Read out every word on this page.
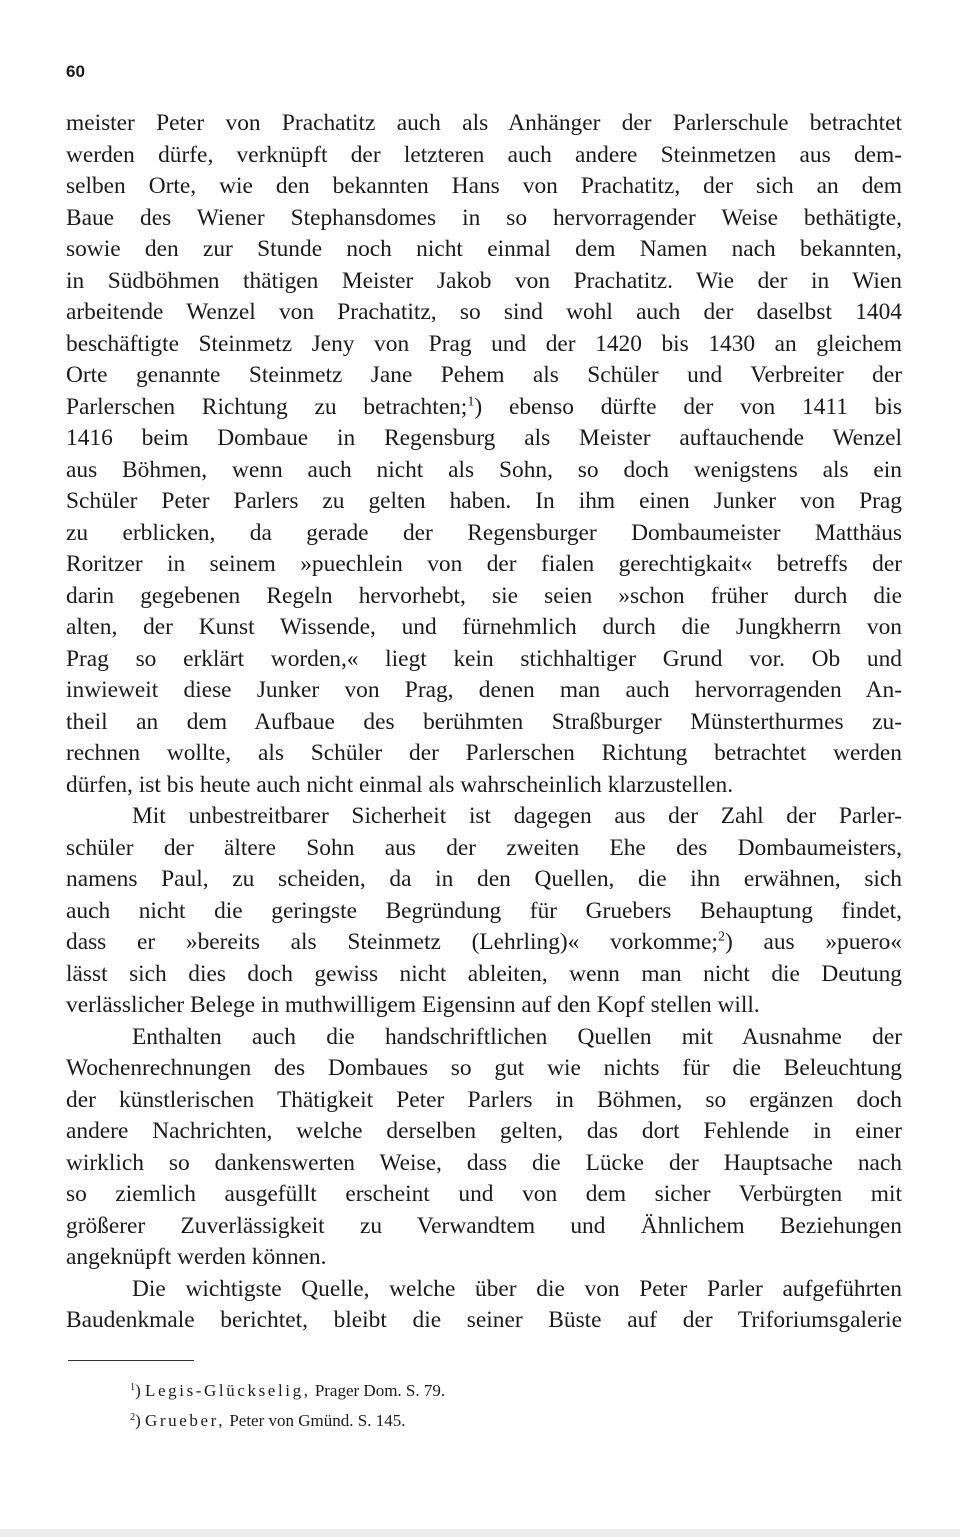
60
meister Peter von Prachatitz auch als Anhänger der Parlerschule betrachtet
werden dürfe, verknüpft der letzteren auch andere Steinmetzen aus dem-
selben Orte, wie den bekannten Hans von Prachatitz, der sich an dem
Baue des Wiener Stephansdomes in so hervorragender Weise bethätigte,
sowie den zur Stunde noch nicht einmal dem Namen nach bekannten,
in Südböhmen thätigen Meister Jakob von Prachatitz. Wie der in Wien
arbeitende Wenzel von Prachatitz, so sind wohl auch der daselbst 1404
beschäftigte Steinmetz Jeny von Prag und der 1420 bis 1430 an gleichem
Orte genannte Steinmetz Jane Pehem als Schüler und Verbreiter der
Parlerschen Richtung zu betrachten;$^1$) ebenso dürfte der von 1411 bis
1416 beim Dombaue in Regensburg als Meister auftauchende Wenzel
aus Böhmen, wenn auch nicht als Sohn, so doch wenigstens als ein
Schüler Peter Parlers zu gelten haben. In ihm einen Junker von Prag
zu erblicken, da gerade der Regensburger Dombaumeister Matthäus
Roritzer in seinem »puechlein von der fialen gerechtigkait« betreffs der
darin gegebenen Regeln hervorhebt, sie seien »schon früher durch die
alten, der Kunst Wissende, und fürnehmlich durch die Jungkherrn von
Prag so erklärt worden,« liegt kein stichhaltiger Grund vor. Ob und
inwieweit diese Junker von Prag, denen man auch hervorragenden An-
theil an dem Aufbaue des berühmten Straßburger Münsterthurmes zu-
rechnen wollte, als Schüler der Parlerschen Richtung betrachtet werden
dürfen, ist bis heute auch nicht einmal als wahrscheinlich klarzustellen.
Mit unbestreitbarer Sicherheit ist dagegen aus der Zahl der Parler-
schüler der ältere Sohn aus der zweiten Ehe des Dombaumeisters,
namens Paul, zu scheiden, da in den Quellen, die ihn erwähnen, sich
auch nicht die geringste Begründung für Gruebers Behauptung findet,
dass er »bereits als Steinmetz (Lehrling)« vorkomme;$^2$) aus »puero«
lässt sich dies doch gewiss nicht ableiten, wenn man nicht die Deutung
verlässlicher Belege in muthwilligem Eigensinn auf den Kopf stellen will.
Enthalten auch die handschriftlichen Quellen mit Ausnahme der
Wochenrechnungen des Dombaues so gut wie nichts für die Beleuchtung
der künstlerischen Thätigkeit Peter Parlers in Böhmen, so ergänzen doch
andere Nachrichten, welche derselben gelten, das dort Fehlende in einer
wirklich so dankenswerten Weise, dass die Lücke der Hauptsache nach
so ziemlich ausgefüllt erscheint und von dem sicher Verbürgten mit
größerer Zuverlässigkeit zu Verwandtem und Ähnlichem Beziehungen
angeknüpft werden können.
Die wichtigste Quelle, welche über die von Peter Parler aufgeführten
Baudenkmale berichtet, bleibt die seiner Büste auf der Triforiumsgalerie
$^1$) Legis-Glückselig, Prager Dom. S. 79.
$^2$) Grueber, Peter von Gmünd. S. 145.
